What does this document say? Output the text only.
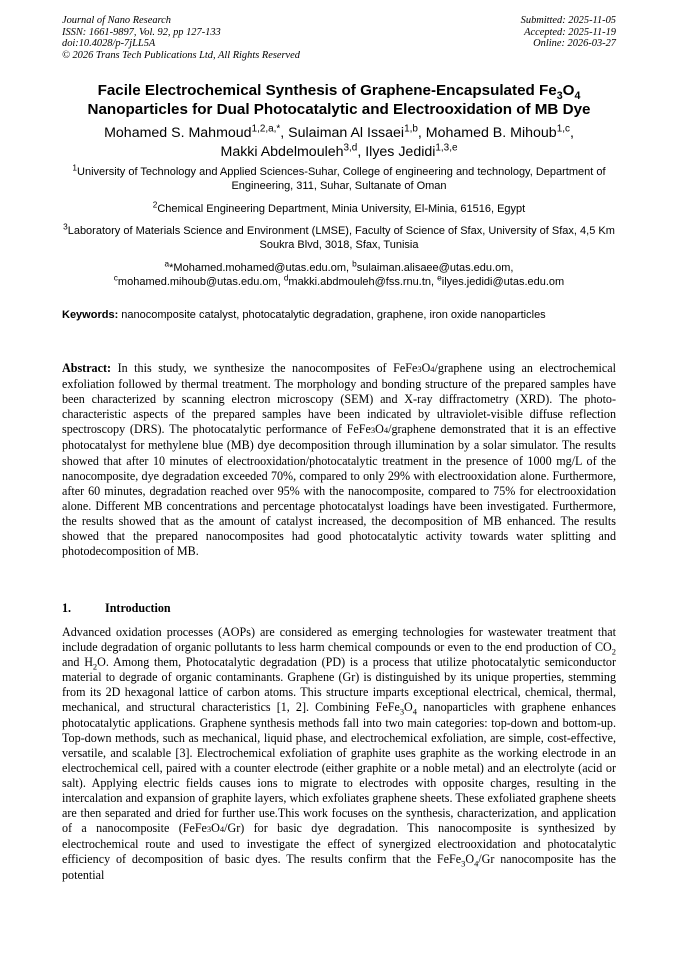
Journal of Nano Research
ISSN: 1661-9897, Vol. 92, pp 127-133
doi:10.4028/p-7jLL5A
© 2026 Trans Tech Publications Ltd, All Rights Reserved
Submitted: 2025-11-05
Accepted: 2025-11-19
Online: 2026-03-27
Facile Electrochemical Synthesis of Graphene-Encapsulated $Fe_3O_4$
Nanoparticles for Dual Photocatalytic and Electrooxidation of MB Dye
Mohamed S. Mahmoud$^{1,2,a,*}$, Sulaiman Al Issaei$^{1,b}$, Mohamed B. Mihoub$^{1,c}$,
Makki Abdelmouleh$^{3,d}$, Ilyes Jedidi$^{1,3,e}$
$^1$University of Technology and Applied Sciences-Suhar, College of engineering and technology, Department of Engineering, 311, Suhar, Sultanate of Oman
$^2$Chemical Engineering Department, Minia University, El-Minia, 61516, Egypt
$^3$Laboratory of Materials Science and Environment (LMSE), Faculty of Science of Sfax, University of Sfax, 4,5 Km Soukra Blvd, 3018, Sfax, Tunisia
$^a$*Mohamed.mohamed@utas.edu.om, $^b$sulaiman.alisaee@utas.edu.om,
$^c$mohamed.mihoub@utas.edu.om, $^d$makki.abdmouleh@fss.rnu.tn, $^e$ilyes.jedidi@utas.edu.om
Keywords: nanocomposite catalyst, photocatalytic degradation, graphene, iron oxide nanoparticles
Abstract: In this study, we synthesize the nanocomposites of FeFe3O4/graphene using an electrochemical exfoliation followed by thermal treatment. The morphology and bonding structure of the prepared samples have been characterized by scanning electron microscopy (SEM) and X-ray diffractometry (XRD). The photo-characteristic aspects of the prepared samples have been indicated by ultraviolet-visible diffuse reflection spectroscopy (DRS). The photocatalytic performance of FeFe3O4/graphene demonstrated that it is an effective photocatalyst for methylene blue (MB) dye decomposition through illumination by a solar simulator. The results showed that after 10 minutes of electrooxidation/photocatalytic treatment in the presence of 1000 mg/L of the nanocomposite, dye degradation exceeded 70%, compared to only 29% with electrooxidation alone. Furthermore, after 60 minutes, degradation reached over 95% with the nanocomposite, compared to 75% for electrooxidation alone. Different MB concentrations and percentage photocatalyst loadings have been investigated. Furthermore, the results showed that as the amount of catalyst increased, the decomposition of MB enhanced. The results showed that the prepared nanocomposites had good photocatalytic activity towards water splitting and photodecomposition of MB.
1.	Introduction
Advanced oxidation processes (AOPs) are considered as emerging technologies for wastewater treatment that include degradation of organic pollutants to less harm chemical compounds or even to the end production of $CO_2$ and $H_2O$. Among them, Photocatalytic degradation (PD) is a process that utilize photocatalytic semiconductor material to degrade of organic contaminants. Graphene (Gr) is distinguished by its unique properties, stemming from its 2D hexagonal lattice of carbon atoms. This structure imparts exceptional electrical, chemical, thermal, mechanical, and structural characteristics [1, 2]. Combining $FeFe_3O_4$ nanoparticles with graphene enhances photocatalytic applications. Graphene synthesis methods fall into two main categories: top-down and bottom-up. Top-down methods, such as mechanical, liquid phase, and electrochemical exfoliation, are simple, cost-effective, versatile, and scalable [3]. Electrochemical exfoliation of graphite uses graphite as the working electrode in an electrochemical cell, paired with a counter electrode (either graphite or a noble metal) and an electrolyte (acid or salt). Applying electric fields causes ions to migrate to electrodes with opposite charges, resulting in the intercalation and expansion of graphite layers, which exfoliates graphene sheets. These exfoliated graphene sheets are then separated and dried for further use.This work focuses on the synthesis, characterization, and application of a nanocomposite (FeFe3O4/Gr) for basic dye degradation. This nanocomposite is synthesized by electrochemical route and used to investigate the effect of synergized electrooxidation and photocatalytic efficiency of decomposition of basic dyes. The results confirm that the $FeFe_3O_4/Gr$ nanocomposite has the potential
